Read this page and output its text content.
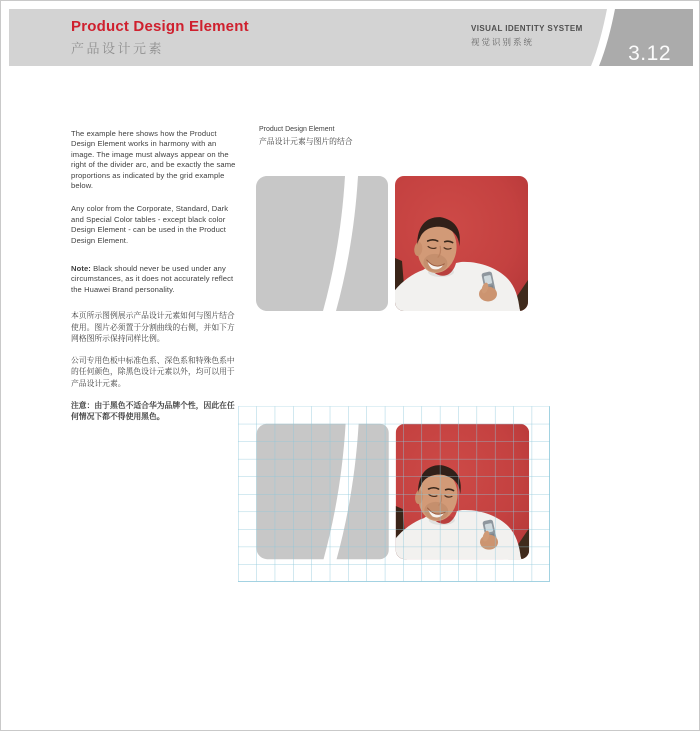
Product Design Element
产品设计元素
VISUAL IDENTITY SYSTEM
视觉识别系统	3.12

The example here shows how the Product Design Element works in harmony with an image. The image must always appear on the right of the divider arc, and be exactly the same proportions as indicated by the grid example below.

Any color from the Corporate, Standard, Dark and Special Color tables - except black color Design Element - can be used in the Product Design Element.

Note: Black should never be used under any circumstances, as it does not accurately reflect the Huawei Brand personality.

本页所示图例展示产品设计元素如何与图片结合使用。图片必须置于分割曲线的右侧，并如下方网格图所示保持同样比例。

公司专用色板中标准色系、深色系和特殊色系中的任何颜色，除黑色设计元素以外，均可以用于产品设计元素。

注意：由于黑色不适合华为品牌个性，因此在任何情况下都不得使用黑色。

Product Design Element
产品设计元素与图片的结合
